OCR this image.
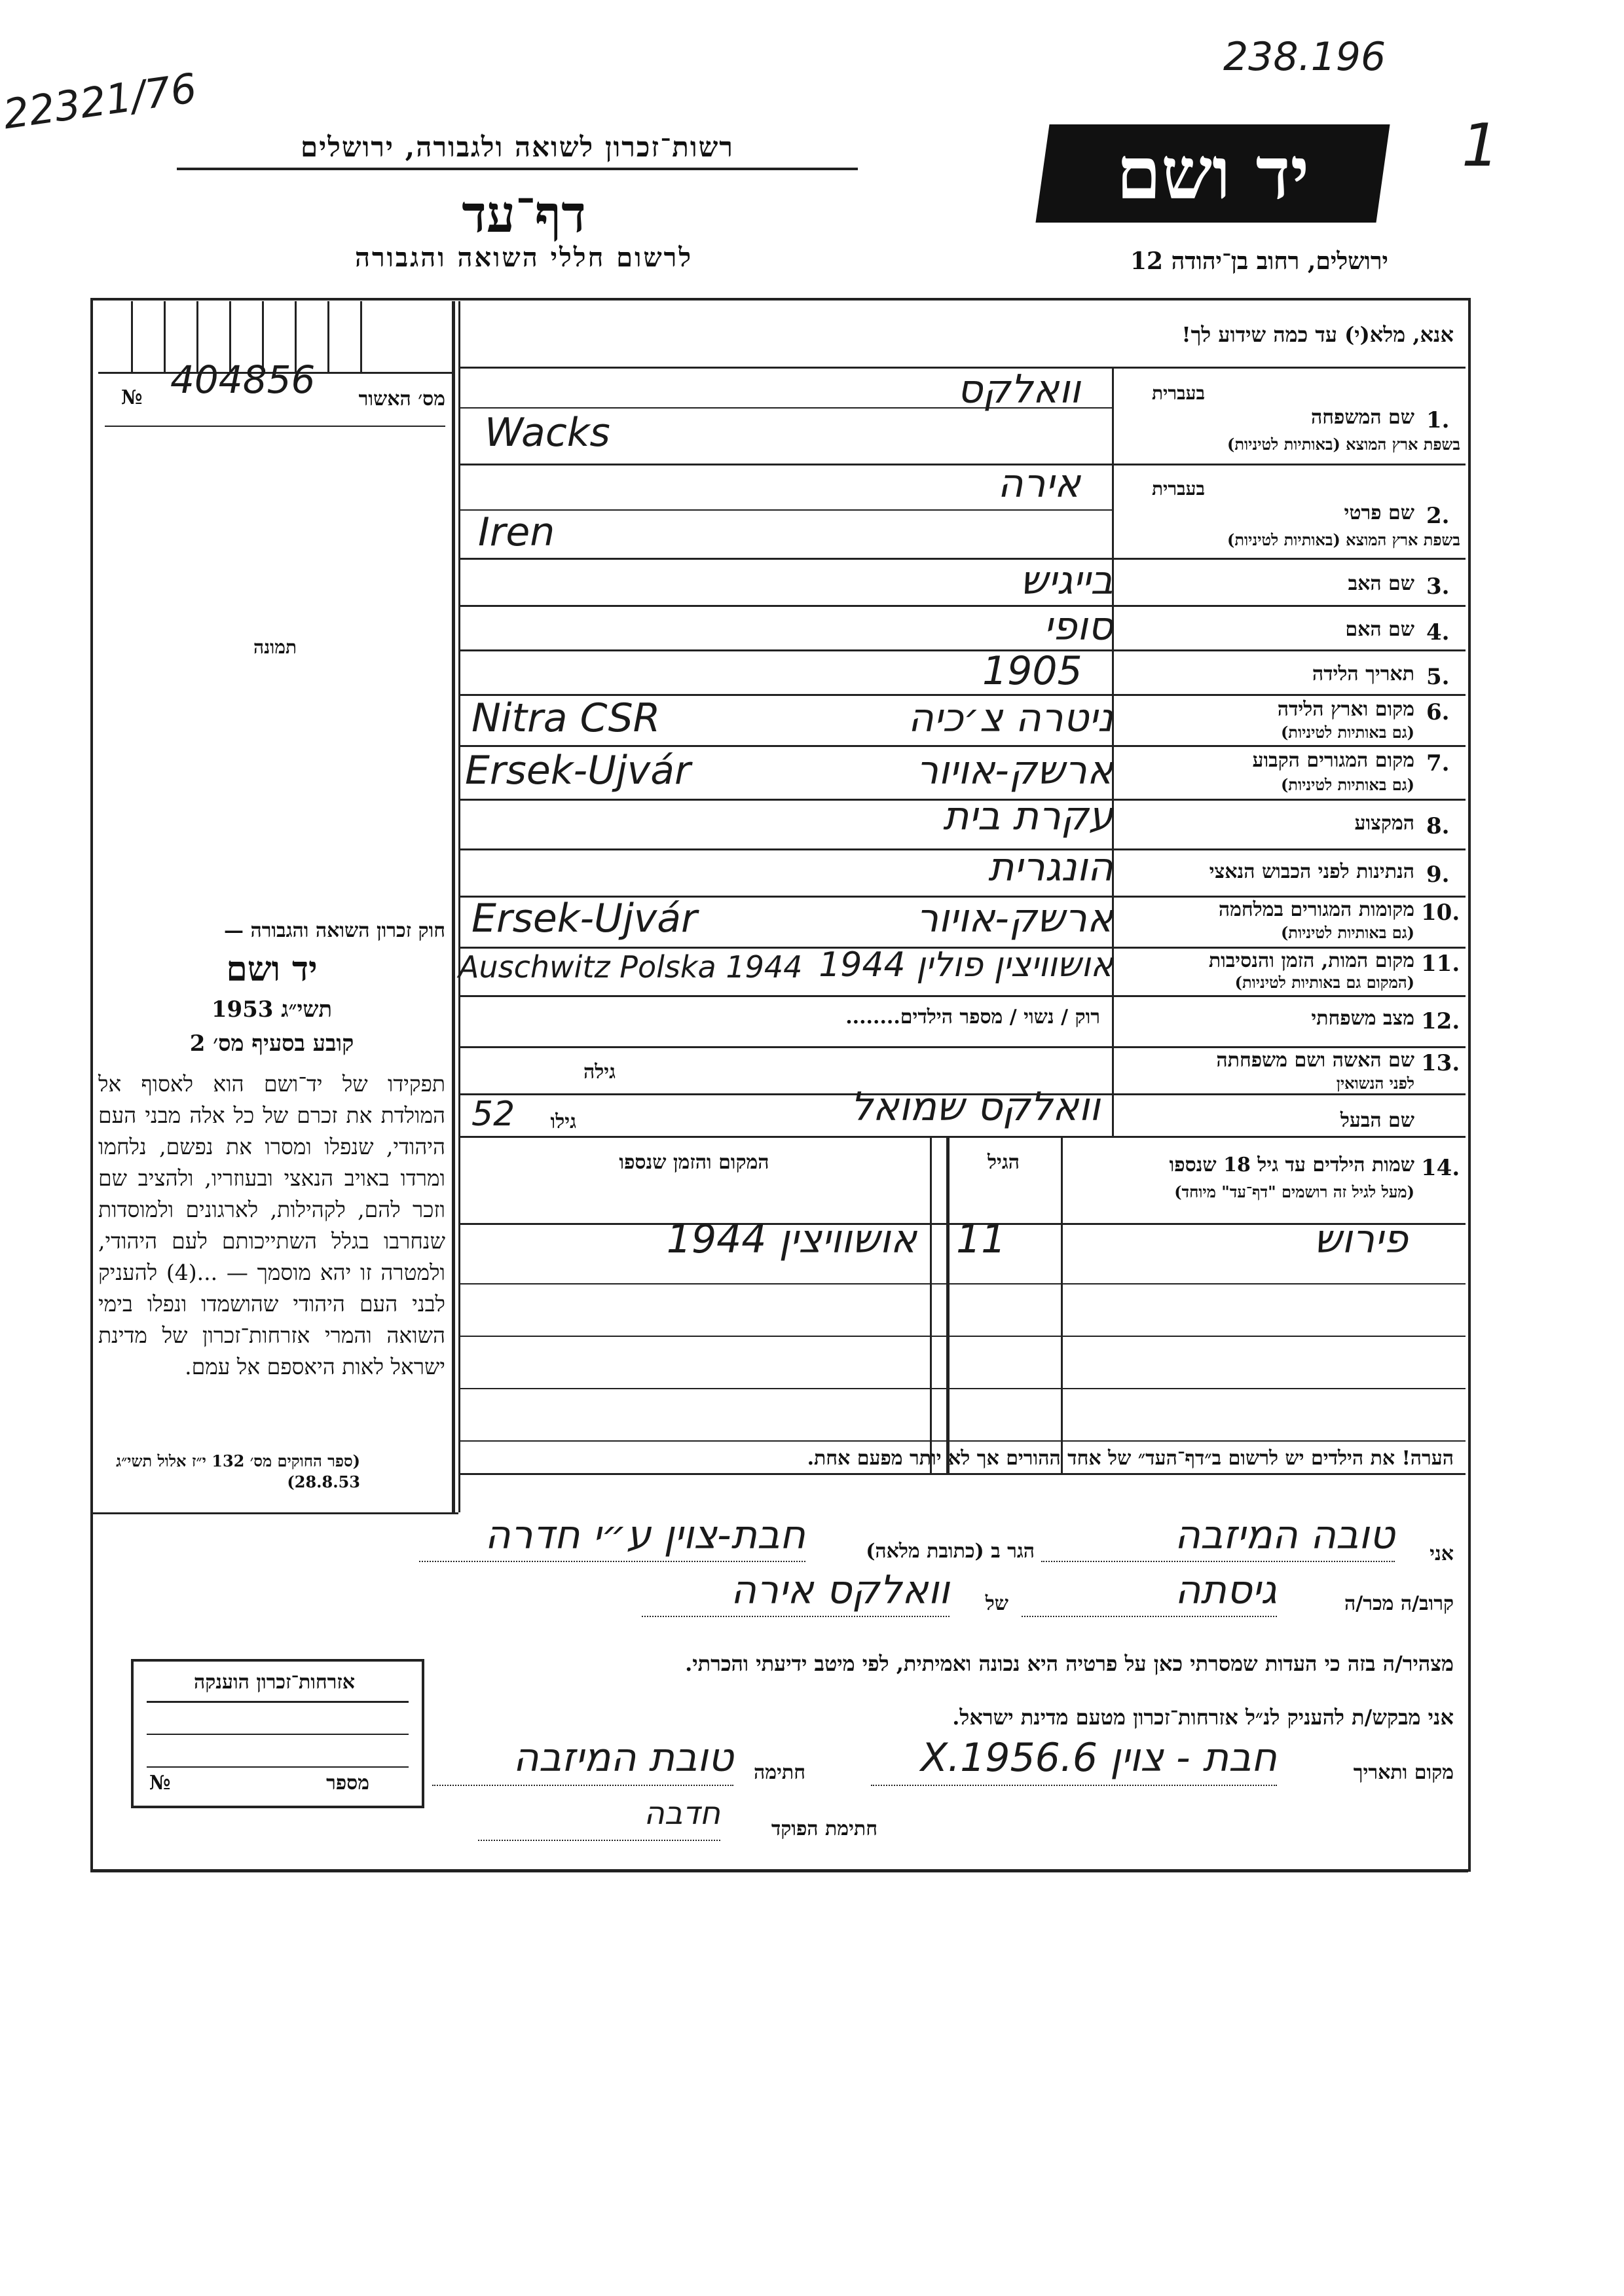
22321/76
238.196
1
רשות־זכרון לשואה ולגבורה, ירושלים
דף־עד
לרשום חללי השואה והגבורה
יד ושם
ירושלים, רחוב בן־יהודה 12
№ 404856 מס׳ האשור
תמונה
חוק זכרון השואה והגבורה —
יד ושם
תשי״ג 1953
קובע בסעיף מס׳ 2
תפקידו של יד־ושם הוא לאסוף אל המולדת את זכרם של כל אלה מבני העם היהודי, שנפלו ומסרו את נפשם, נלחמו ומרדו באויב הנאצי ובעוזריו, ולהציב שם וזכר להם, לקהילות, לארגונים ולמוסדות שנחרבו בגלל השתייכותם לעם היהודי, ולמטרה זו יהא מוסמך — ...(4) להעניק לבני העם היהודי שהושמדו ונפלו בימי השואה והמרי אזרחות־זכרון של מדינת ישראל לאות היאספם אל עמם.
(ספר החוקים מס׳ 132 י״ז אלול תשי״ג 28.8.53)
אנא, מלא(י) עד כמה שידוע לך!
בעברית
1.
שם המשפחה
בשפת ארץ המוצא (באותיות לטיניות)
וואלקס
Wacks
בעברית
2.
שם פרטי
בשפת ארץ המוצא (באותיות לטיניות)
אירה
Iren
3.
שם האב
בייגיש
4.
שם האם
סופי
5.
תאריך הלידה
1905
6.
מקום וארץ הלידה
(גם באותיות לטיניות)
ניטרה צ׳כיה
Nitra CSR
7.
מקום המגורים הקבוע
(גם באותיות לטיניות)
ארשק-אויור
Ersek-Ujvár
8.
המקצוע
עקרת בית
9.
הנתינות לפני הכבוש הנאצי
הונגרית
10.
מקומות המגורים במלחמה
(גם באותיות לטיניות)
ארשק-אויור
Ersek-Ujvár
11.
מקום המות, הזמן והנסיבות
(המקום גם באותיות לטיניות)
אושוויצין פולין 1944
Auschwitz Polska 1944
12.
מצב משפחתי
רוק / נשוי / מספר הילדים........
13.
שם האשה ושם משפחתה
לפני הנשואין
גילה
שם הבעל
וואלקס שמואל
גילו
52
14.
שמות הילדים עד גיל 18 שנספו
(מעל לגיל זה רושמים "דף־עד" מיוחד)
הגיל
המקום והזמן שנספו
פירוש
11
אושוויצין 1944
הערה! את הילדים יש לרשום ב״דף־העד״ של אחד ההורים אך לא יותר מפעם אחת.
אני
טובה המיזבה
הגר ב (כתובת מלאה)
חבת-צוין ע״י חדרה
קרוב/ה מכר/ה
גיסתה
של
וואלקס אירה
מצהיר/ה בזה כי העדות שמסרתי כאן על פרטיה היא נכונה ואמיתית, לפי מיטב ידיעתי והכרתי.
אני מבקש/ת להעניק לנ״ל אזרחות־זכרון מטעם מדינת ישראל.
מקום ותאריך
חבת - צוין 6.X.1956
חתימה
טובת המיזבה
חתימת הפוקד
חדבה
אזרחות־זכרון הוענקה
№	מספר
